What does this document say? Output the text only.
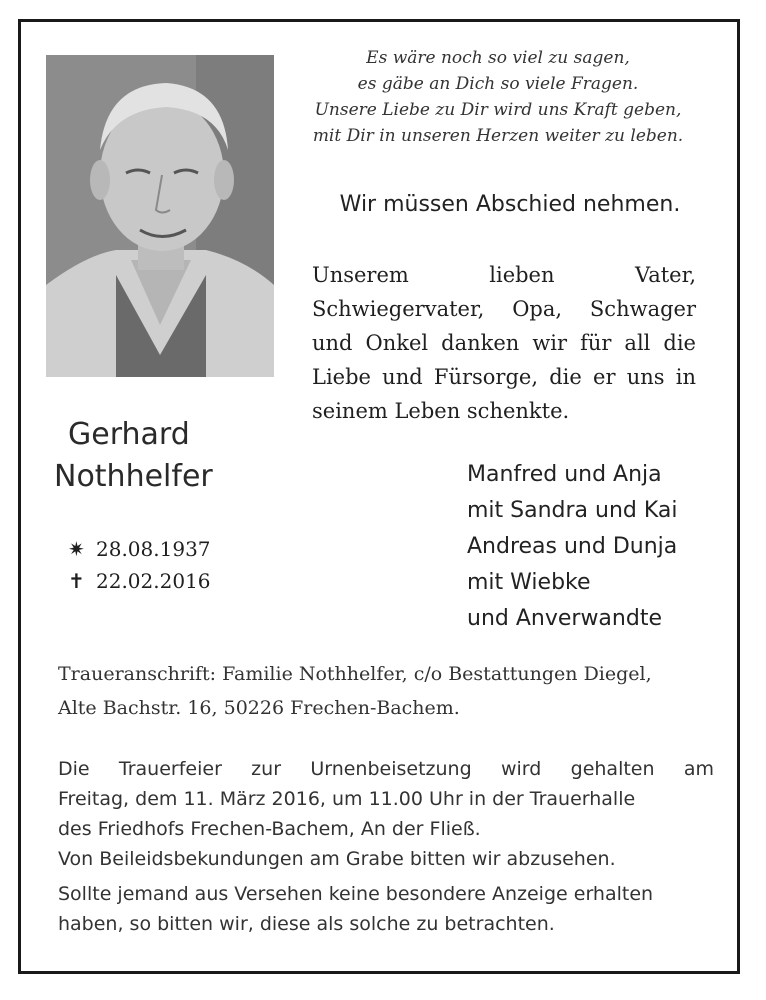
Es wäre noch so viel zu sagen,
es gäbe an Dich so viele Fragen.
Unsere Liebe zu Dir wird uns Kraft geben,
mit Dir in unseren Herzen weiter zu leben.
Wir müssen Abschied nehmen.
Unserem lieben Vater,
Schwiegervater, Opa, Schwager
und Onkel danken wir für all die
Liebe und Fürsorge, die er uns in
seinem Leben schenkte.
Gerhard
Nothhelfer
✷ 28.08.1937
✝ 22.02.2016
Manfred und Anja
mit Sandra und Kai
Andreas und Dunja
mit Wiebke
und Anverwandte
Traueranschrift: Familie Nothhelfer, c/o Bestattungen Diegel,
Alte Bachstr. 16, 50226 Frechen-Bachem.
Die Trauerfeier zur Urnenbeisetzung wird gehalten am
Freitag, dem 11. März 2016, um 11.00 Uhr in der Trauerhalle
des Friedhofs Frechen-Bachem, An der Fließ.
Von Beileidsbekundungen am Grabe bitten wir abzusehen.
Sollte jemand aus Versehen keine besondere Anzeige erhalten
haben, so bitten wir, diese als solche zu betrachten.
